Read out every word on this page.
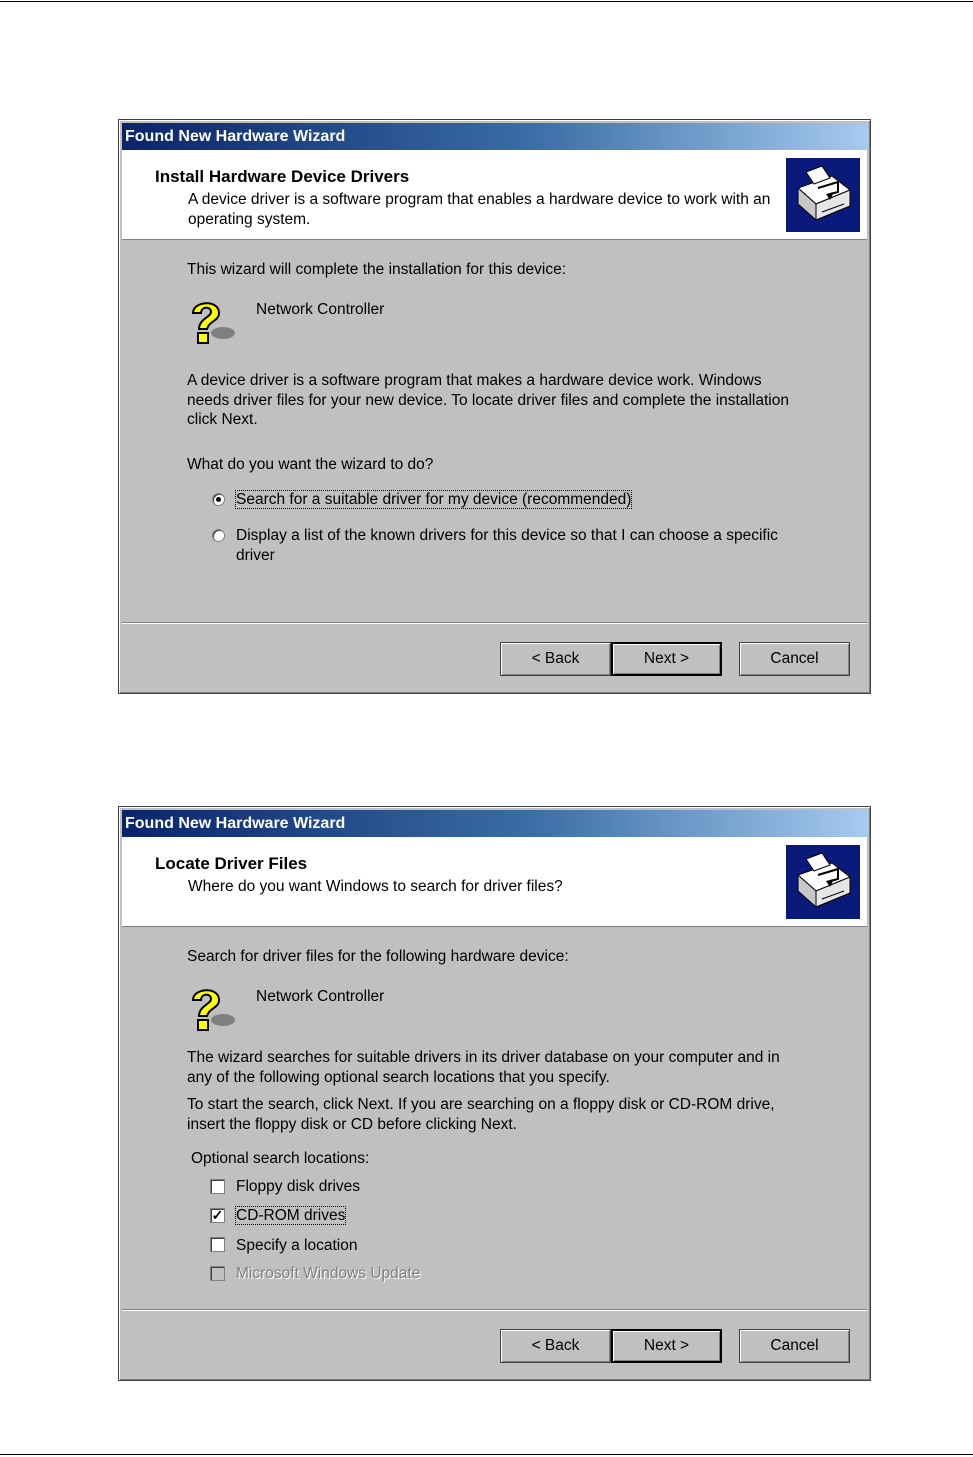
Found New Hardware Wizard
Install Hardware Device Drivers
A device driver is a software program that enables a hardware device to work with an operating system.
This wizard will complete the installation for this device:
Network Controller
A device driver is a software program that makes a hardware device work. Windows needs driver files for your new device. To locate driver files and complete the installation click Next.
What do you want the wizard to do?
Search for a suitable driver for my device (recommended)
Display a list of the known drivers for this device so that I can choose a specific driver
< Back	Next >	Cancel
Found New Hardware Wizard
Locate Driver Files
Where do you want Windows to search for driver files?
Search for driver files for the following hardware device:
Network Controller
The wizard searches for suitable drivers in its driver database on your computer and in any of the following optional search locations that you specify.
To start the search, click Next. If you are searching on a floppy disk or CD-ROM drive, insert the floppy disk or CD before clicking Next.
Optional search locations:
Floppy disk drives
✓ CD-ROM drives
Specify a location
Microsoft Windows Update
< Back	Next >	Cancel
